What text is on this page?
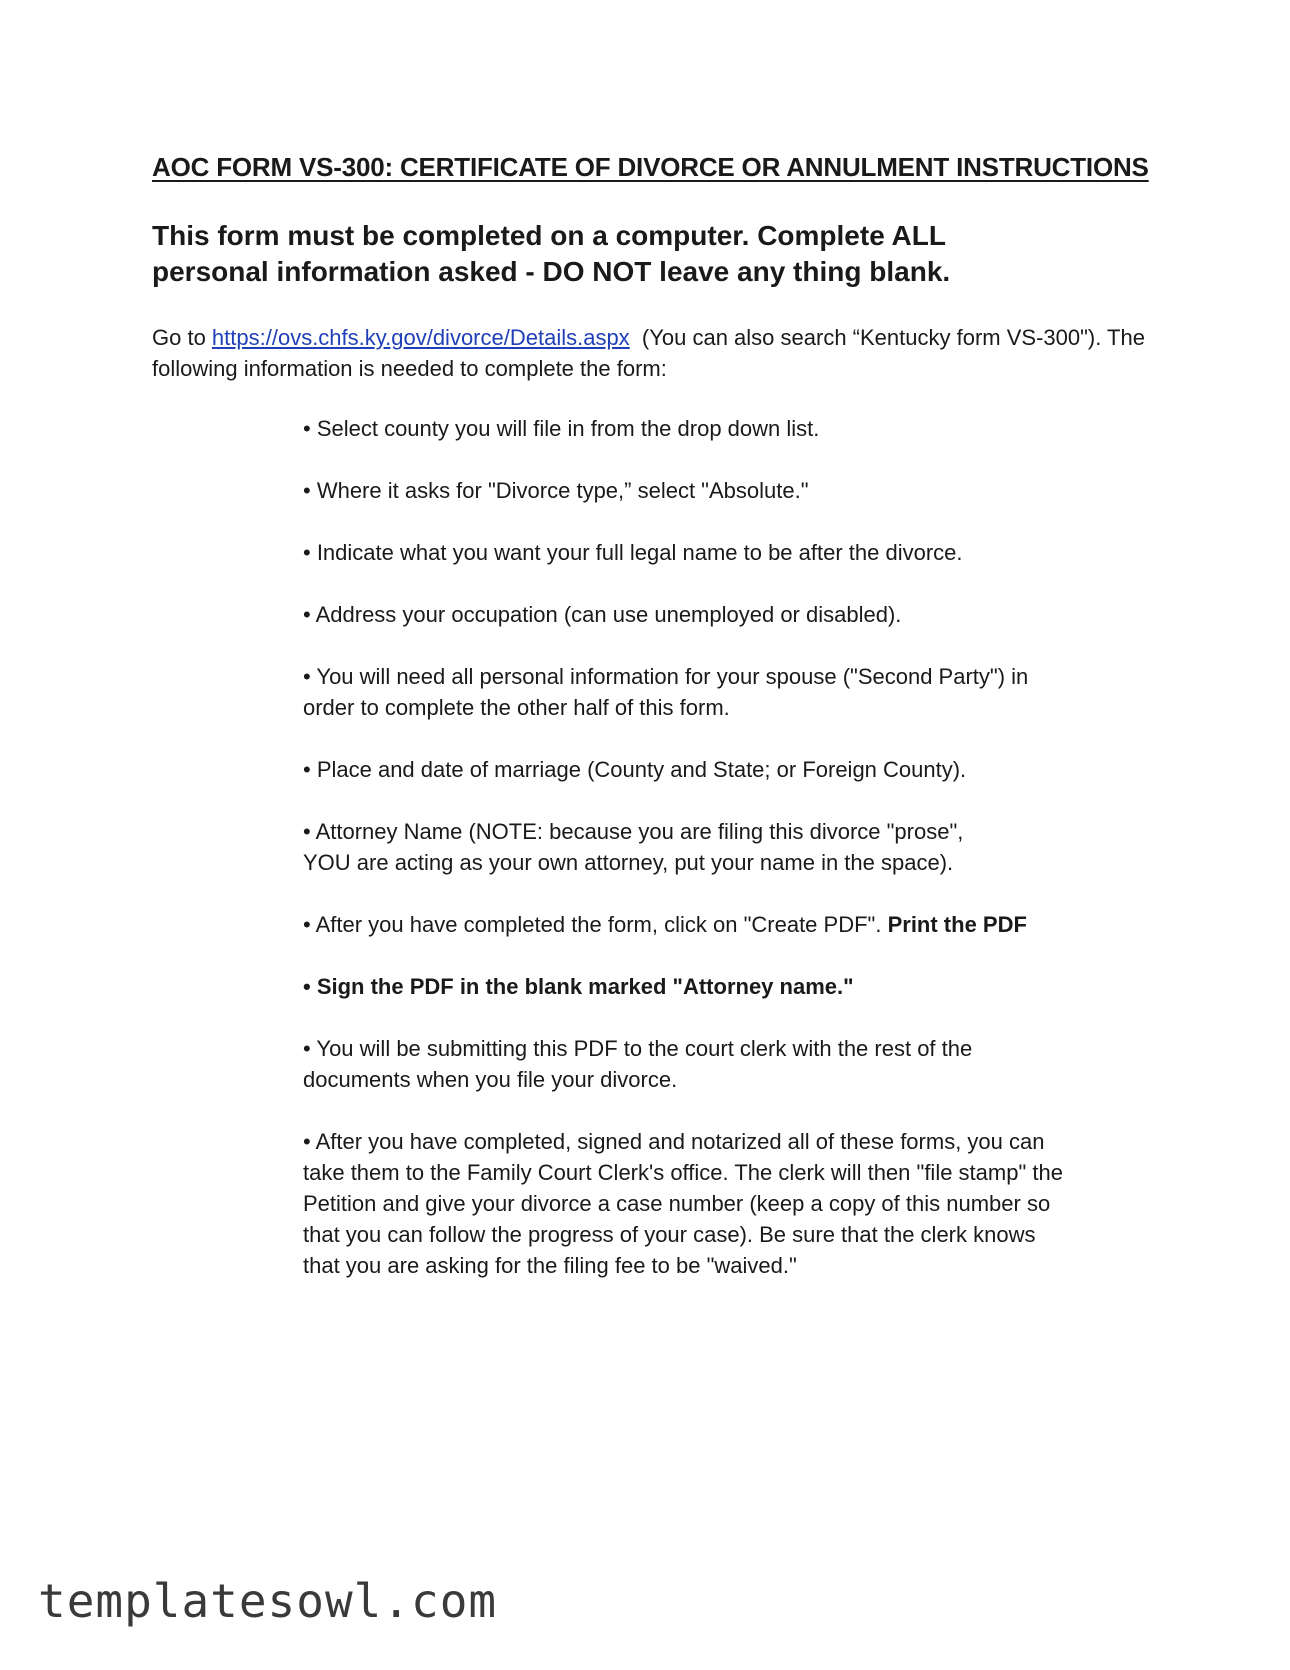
AOC FORM VS-300: CERTIFICATE OF DIVORCE OR ANNULMENT INSTRUCTIONS
This form must be completed on a computer. Complete ALL personal information asked - DO NOT leave any thing blank.
Go to https://ovs.chfs.ky.gov/divorce/Details.aspx  (You can also search “Kentucky form VS-300"). The following information is needed to complete the form:
• Select county you will file in from the drop down list.
• Where it asks for "Divorce type,” select "Absolute."
• Indicate what you want your full legal name to be after the divorce.
• Address your occupation (can use unemployed or disabled).
• You will need all personal information for your spouse ("Second Party") in order to complete the other half of this form.
• Place and date of marriage (County and State; or Foreign County).
• Attorney Name (NOTE: because you are filing this divorce "prose", YOU are acting as your own attorney, put your name in the space).
• After you have completed the form, click on "Create PDF". Print the PDF
• Sign the PDF in the blank marked "Attorney name."
• You will be submitting this PDF to the court clerk with the rest of the documents when you file your divorce.
• After you have completed, signed and notarized all of these forms, you can take them to the Family Court Clerk's office. The clerk will then "file stamp" the Petition and give your divorce a case number (keep a copy of this number so that you can follow the progress of your case). Be sure that the clerk knows that you are asking for the filing fee to be "waived."
templatesowl.com
